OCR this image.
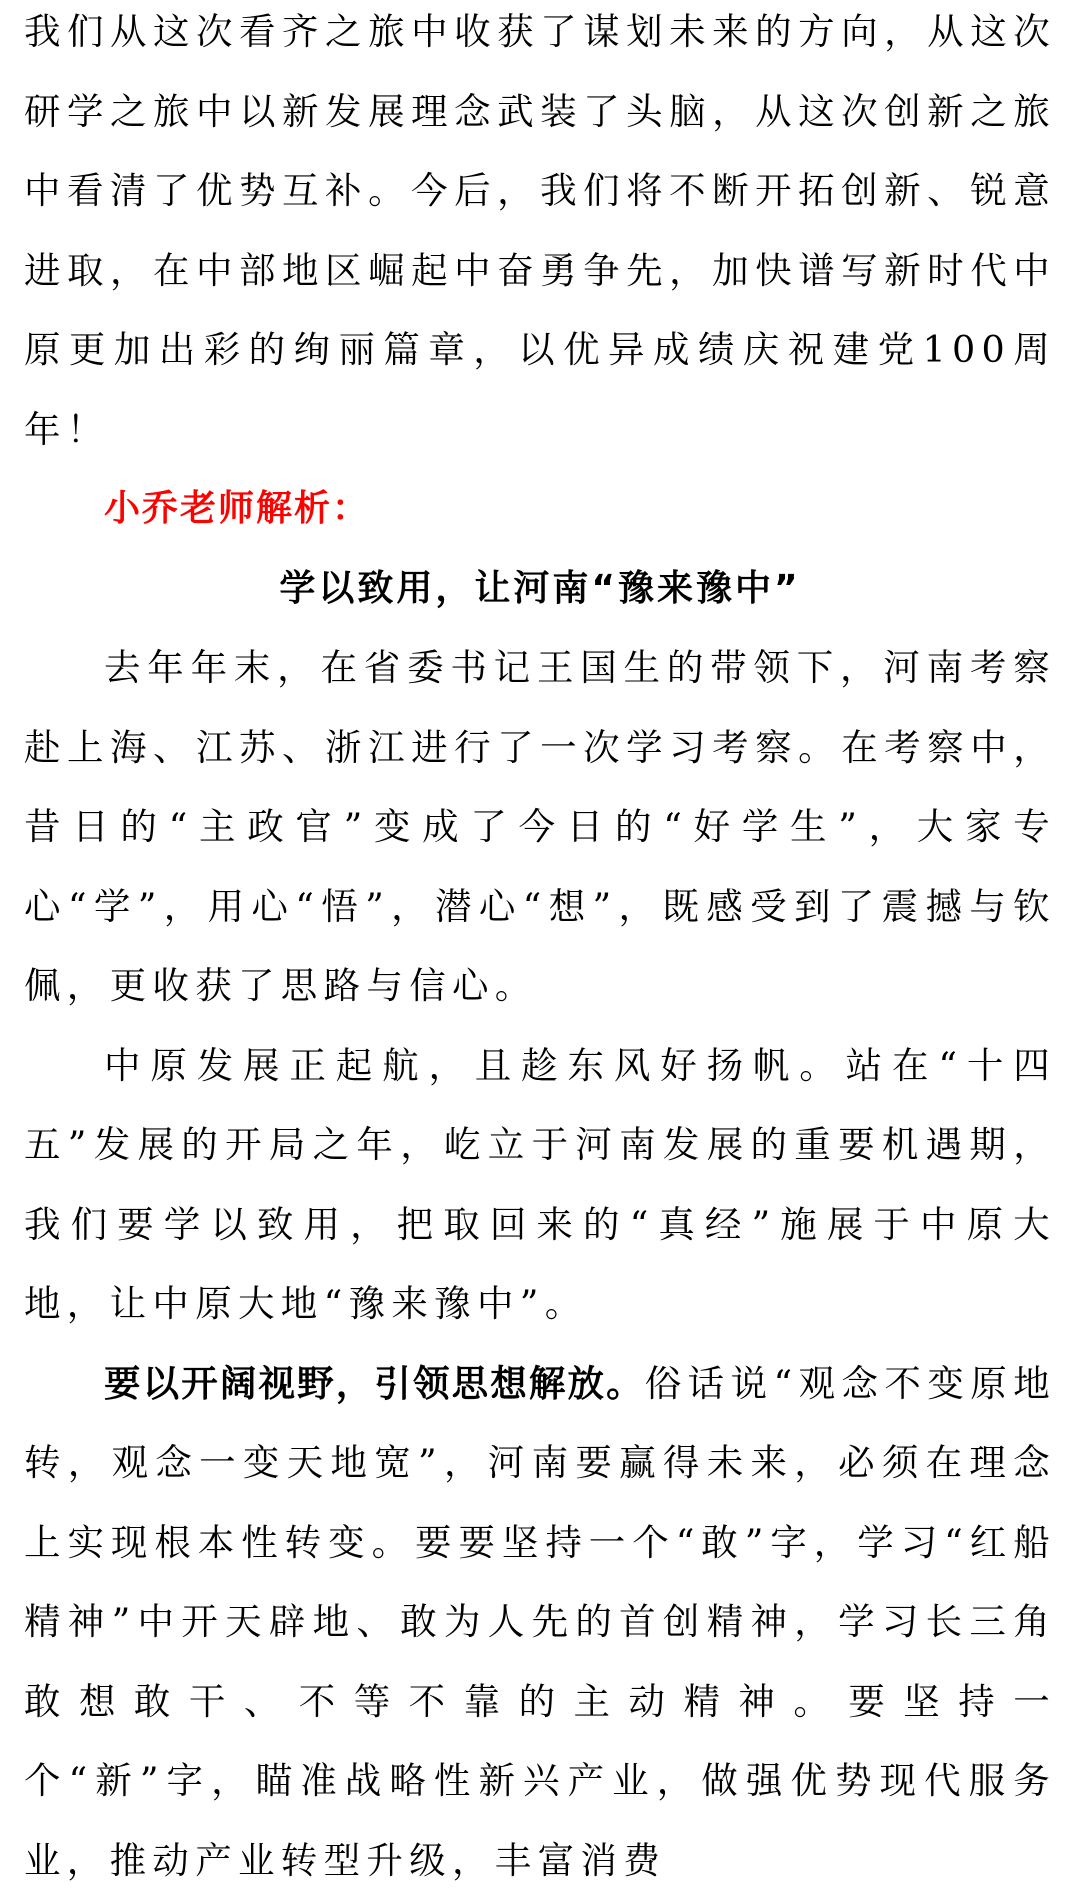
我们从这次看齐之旅中收获了谋划未来的方向，从这次研学之旅中以新发展理念武装了头脑，从这次创新之旅中看清了优势互补。今后，我们将不断开拓创新、锐意进取，在中部地区崛起中奋勇争先，加快谱写新时代中原更加出彩的绚丽篇章，以优异成绩庆祝建党100周年！

小乔老师解析：

学以致用，让河南“豫来豫中”

去年年末，在省委书记王国生的带领下，河南考察赴上海、江苏、浙江进行了一次学习考察。在考察中，昔日的“主政官”变成了今日的“好学生”，大家专心“学”，用心“悟”，潜心“想”，既感受到了震撼与钦佩，更收获了思路与信心。

中原发展正起航，且趁东风好扬帆。站在“十四五”发展的开局之年，屹立于河南发展的重要机遇期，我们要学以致用，把取回来的“真经”施展于中原大地，让中原大地“豫来豫中”。

要以开阔视野，引领思想解放。俗话说“观念不变原地转，观念一变天地宽”，河南要赢得未来，必须在理念上实现根本性转变。要要坚持一个“敢”字，学习“红船精神”中开天辟地、敢为人先的首创精神，学习长三角敢想敢干、不等不靠的主动精神。要坚持一个“新”字，瞄准战略性新兴产业，做强优势现代服务业，推动产业转型升级，丰富消费
